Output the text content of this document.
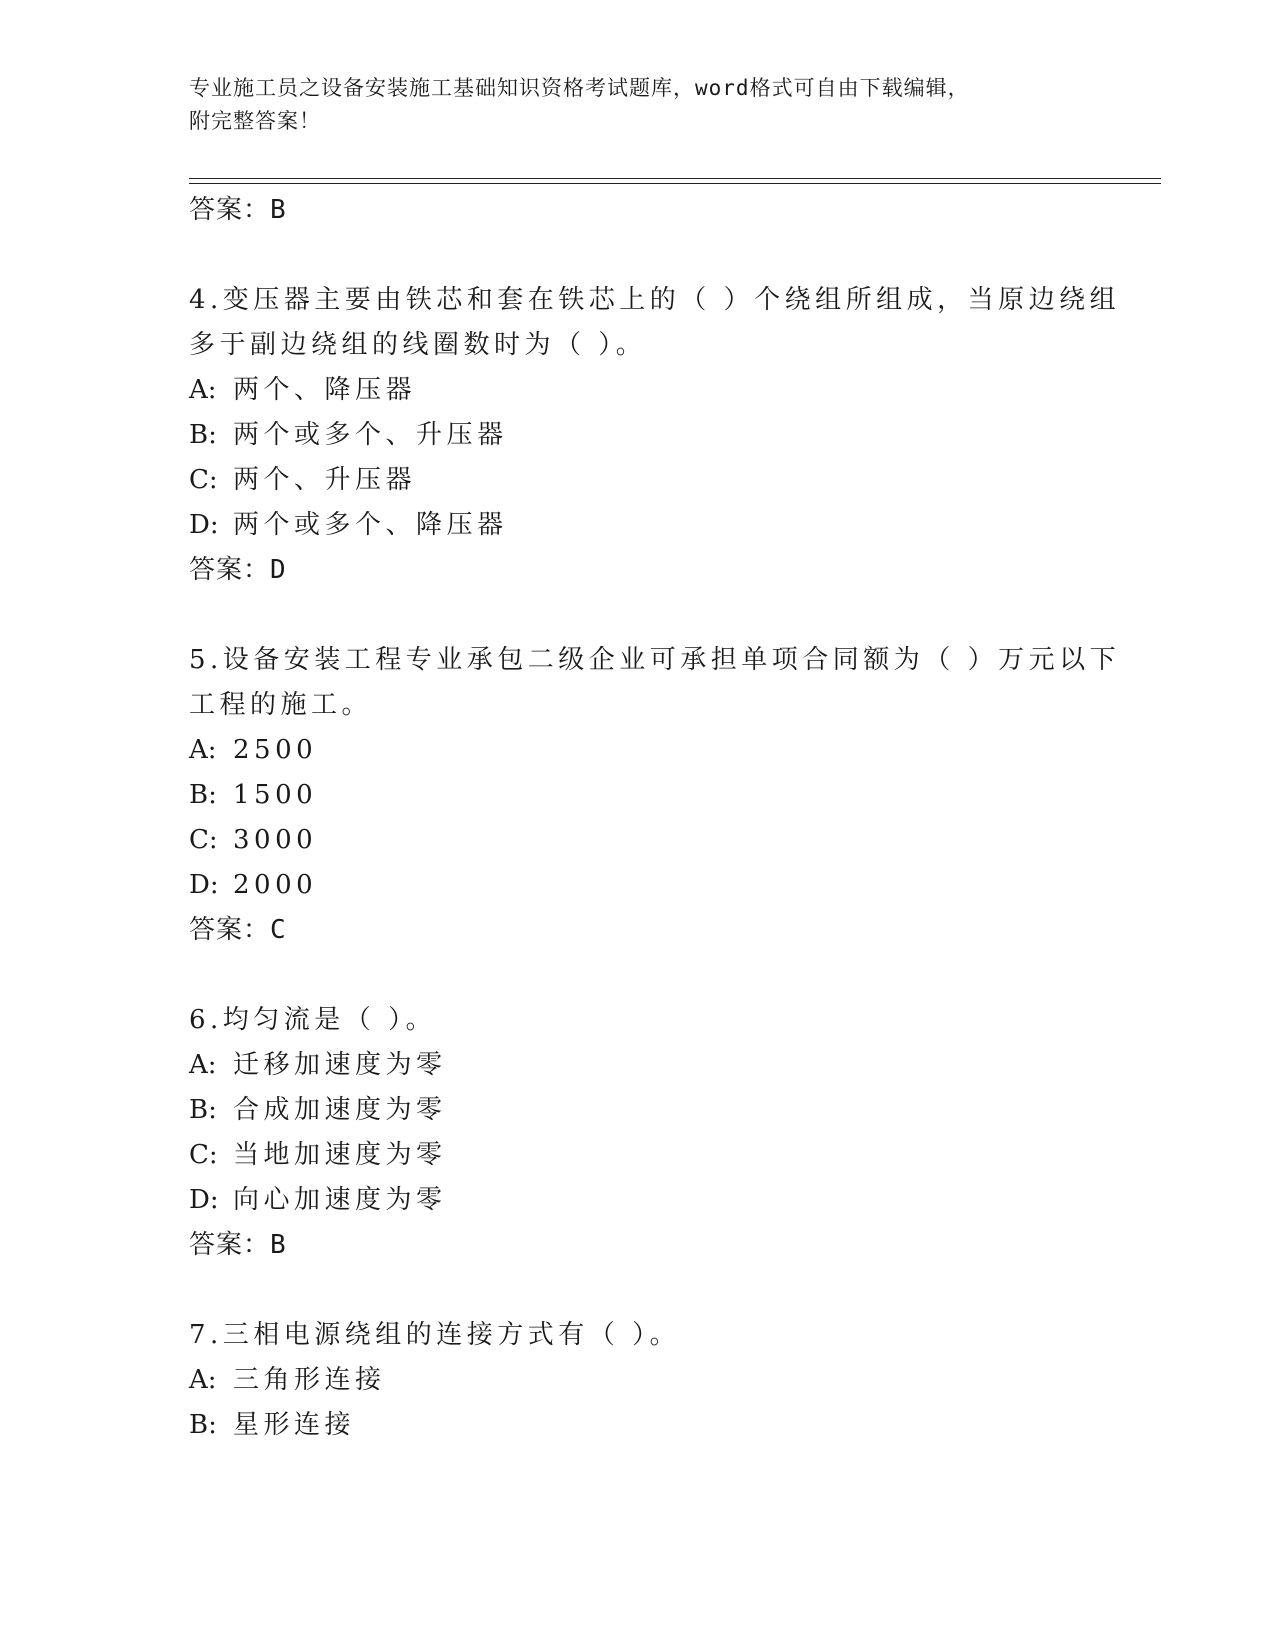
专业施工员之设备安装施工基础知识资格考试题库，word格式可自由下载编辑，
附完整答案！
答案：B
4.变压器主要由铁芯和套在铁芯上的（ ）个绕组所组成，当原边绕组
多于副边绕组的线圈数时为（ ）。
A: 两个、降压器
B: 两个或多个、升压器
C: 两个、升压器
D: 两个或多个、降压器
答案：D
5.设备安装工程专业承包二级企业可承担单项合同额为（ ）万元以下
工程的施工。
A: 2500
B: 1500
C: 3000
D: 2000
答案：C
6.均匀流是（ ）。
A: 迁移加速度为零
B: 合成加速度为零
C: 当地加速度为零
D: 向心加速度为零
答案：B
7.三相电源绕组的连接方式有（ ）。
A: 三角形连接
B: 星形连接
